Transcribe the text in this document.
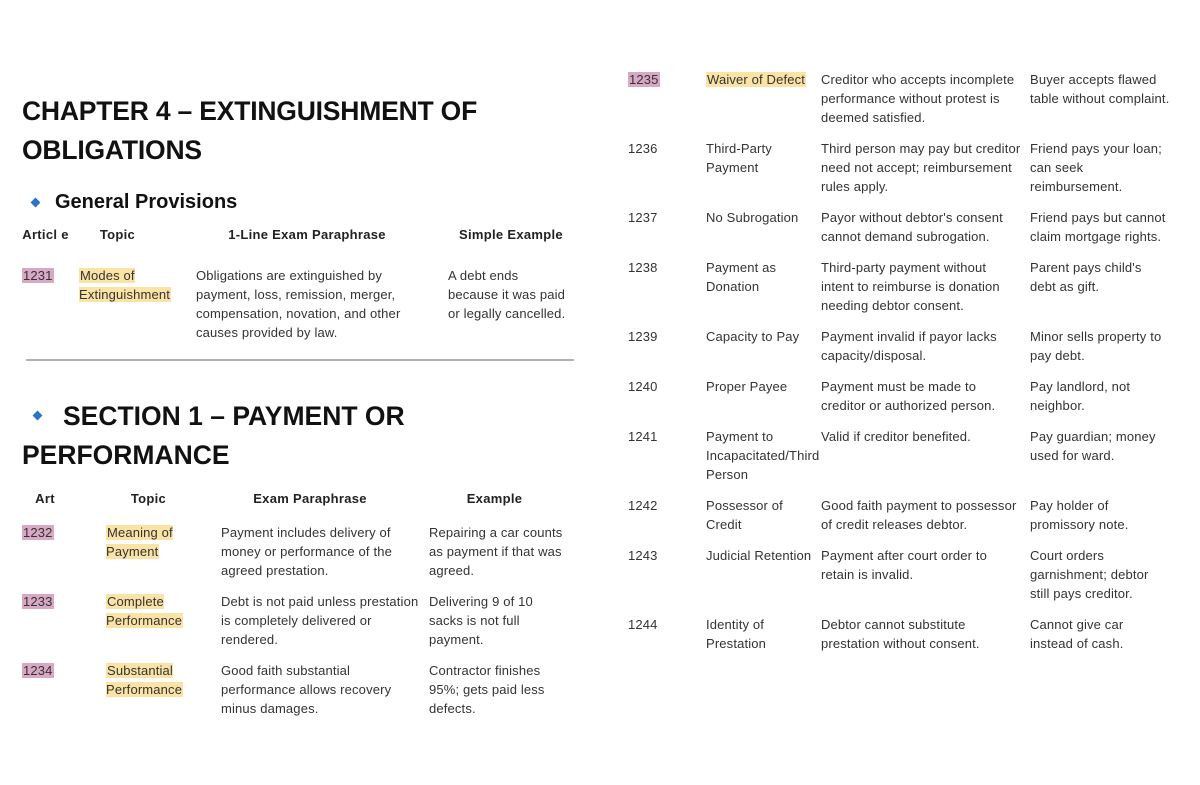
CHAPTER 4 – EXTINGUISHMENT OF
OBLIGATIONS
General Provisions
Articl e	Topic	1-Line Exam Paraphrase	Simple Example
1231	Modes of Extinguishment	Obligations are extinguished by payment, loss, remission, merger, compensation, novation, and other causes provided by law.	A debt ends because it was paid or legally cancelled.
SECTION 1 – PAYMENT OR
PERFORMANCE
Art	Topic	Exam Paraphrase	Example
1232	Meaning of Payment	Payment includes delivery of money or performance of the agreed prestation.	Repairing a car counts as payment if that was agreed.
1233	Complete Performance	Debt is not paid unless prestation is completely delivered or rendered.	Delivering 9 of 10 sacks is not full payment.
1234	Substantial Performance	Good faith substantial performance allows recovery minus damages.	Contractor finishes 95%; gets paid less defects.
1235	Waiver of Defect	Creditor who accepts incomplete performance without protest is deemed satisfied.	Buyer accepts flawed table without complaint.
1236	Third-Party Payment	Third person may pay but creditor need not accept; reimbursement rules apply.	Friend pays your loan; can seek reimbursement.
1237	No Subrogation	Payor without debtor's consent cannot demand subrogation.	Friend pays but cannot claim mortgage rights.
1238	Payment as Donation	Third-party payment without intent to reimburse is donation needing debtor consent.	Parent pays child's debt as gift.
1239	Capacity to Pay	Payment invalid if payor lacks capacity/disposal.	Minor sells property to pay debt.
1240	Proper Payee	Payment must be made to creditor or authorized person.	Pay landlord, not neighbor.
1241	Payment to Incapacitated/Third Person	Valid if creditor benefited.	Pay guardian; money used for ward.
1242	Possessor of Credit	Good faith payment to possessor of credit releases debtor.	Pay holder of promissory note.
1243	Judicial Retention	Payment after court order to retain is invalid.	Court orders garnishment; debtor still pays creditor.
1244	Identity of Prestation	Debtor cannot substitute prestation without consent.	Cannot give car instead of cash.
